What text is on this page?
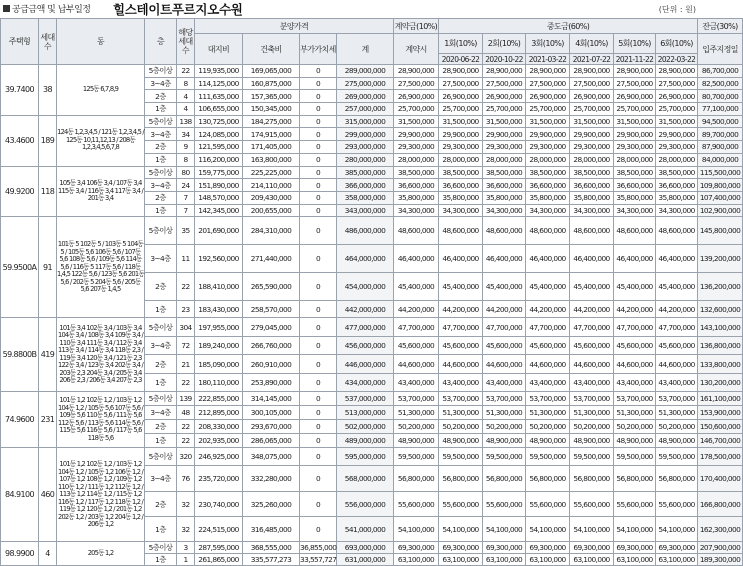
공급금액 및 납부일정 힐스테이트푸르지오수원	(단위 : 원)
주택형	세대수	동	층	해당세대수	분양가격				계약금(10%)	중도금(60%)						잔금(30%)
					대지비	건축비	부가가치세	계	계약시	1회(10%)	2회(10%)	3회(10%)	4회(10%)	5회(10%)	6회(10%)	입주지정일
										2020-06-22	2020-10-22	2021-03-22	2021-07-22	2021-11-22	2022-03-22	
39.7400	38	125동 6,7,8,9	5층이상	22	119,935,000	169,065,000	0	289,000,000	28,900,000	28,900,000	28,900,000	28,900,000	28,900,000	28,900,000	28,900,000	86,700,000
			3~4층	8	114,125,000	160,875,000	0	275,000,000	27,500,000	27,500,000	27,500,000	27,500,000	27,500,000	27,500,000	27,500,000	82,500,000
			2층	4	111,635,000	157,365,000	0	269,000,000	26,900,000	26,900,000	26,900,000	26,900,000	26,900,000	26,900,000	26,900,000	80,700,000
			1층	4	106,655,000	150,345,000	0	257,000,000	25,700,000	25,700,000	25,700,000	25,700,000	25,700,000	25,700,000	25,700,000	77,100,000
43.4600	189	124동 1,2,3,4,5 / 121동 1,2,3,4,5 / 125동 10,11,12,13 / 208동 1,2,3,4,5,6,7,8	5층이상	138	130,725,000	184,275,000	0	315,000,000	31,500,000	31,500,000	31,500,000	31,500,000	31,500,000	31,500,000	31,500,000	94,500,000
			3~4층	34	124,085,000	174,915,000	0	299,000,000	29,900,000	29,900,000	29,900,000	29,900,000	29,900,000	29,900,000	29,900,000	89,700,000
			2층	9	121,595,000	171,405,000	0	293,000,000	29,300,000	29,300,000	29,300,000	29,300,000	29,300,000	29,300,000	29,300,000	87,900,000
			1층	8	116,200,000	163,800,000	0	280,000,000	28,000,000	28,000,000	28,000,000	28,000,000	28,000,000	28,000,000	28,000,000	84,000,000
49.9200	118	105동 3,4 106동 3,4 / 107동 3,4 115동 3,4 / 116동 3,4 117동 3,4 / 201동 3,4	5층이상	80	159,775,000	225,225,000	0	385,000,000	38,500,000	38,500,000	38,500,000	38,500,000	38,500,000	38,500,000	38,500,000	115,500,000
			3~4층	24	151,890,000	214,110,000	0	366,000,000	36,600,000	36,600,000	36,600,000	36,600,000	36,600,000	36,600,000	36,600,000	109,800,000
			2층	7	148,570,000	209,430,000	0	358,000,000	35,800,000	35,800,000	35,800,000	35,800,000	35,800,000	35,800,000	35,800,000	107,400,000
			1층	7	142,345,000	200,655,000	0	343,000,000	34,300,000	34,300,000	34,300,000	34,300,000	34,300,000	34,300,000	34,300,000	102,900,000
59.9500A	91	101동 5 102동 5 / 103동 5 104동 5 / 105동 5,6 106동 5,6 / 107동 5,6 108동 5,6 / 109동 5,6 114동 5,6 / 116동 5 117동 5,6 / 118동 1,4,5 122동 5,6 / 123동 5,6 201동 5,6 / 202동 5 204동 5,6 / 205동 5,6 207동 1,4,5	5층이상	35	201,690,000	284,310,000	0	486,000,000	48,600,000	48,600,000	48,600,000	48,600,000	48,600,000	48,600,000	48,600,000	145,800,000
			3~4층	11	192,560,000	271,440,000	0	464,000,000	46,400,000	46,400,000	46,400,000	46,400,000	46,400,000	46,400,000	46,400,000	139,200,000
			2층	22	188,410,000	265,590,000	0	454,000,000	45,400,000	45,400,000	45,400,000	45,400,000	45,400,000	45,400,000	45,400,000	136,200,000
			1층	23	183,430,000	258,570,000	0	442,000,000	44,200,000	44,200,000	44,200,000	44,200,000	44,200,000	44,200,000	44,200,000	132,600,000
59.8800B	419	101동 3,4 102동 3,4 / 103동 3,4 104동 3,4 / 108동 3,4 109동 3,4 / 110동 3,4 111동 3,4 / 112동 3,4 113동 3,4 / 114동 3,4 118동 2,3 / 119동 3,4 120동 3,4 / 121동 2,3 122동 3,4 / 123동 3,4 202동 3,4 / 203동 2,3 204동 3,4 / 205동 3,4 206동 2,3 / 206동 3,4 207동 2,3	5층이상	304	197,955,000	279,045,000	0	477,000,000	47,700,000	47,700,000	47,700,000	47,700,000	47,700,000	47,700,000	47,700,000	143,100,000
			3~4층	72	189,240,000	266,760,000	0	456,000,000	45,600,000	45,600,000	45,600,000	45,600,000	45,600,000	45,600,000	45,600,000	136,800,000
			2층	21	185,090,000	260,910,000	0	446,000,000	44,600,000	44,600,000	44,600,000	44,600,000	44,600,000	44,600,000	44,600,000	133,800,000
			1층	22	180,110,000	253,890,000	0	434,000,000	43,400,000	43,400,000	43,400,000	43,400,000	43,400,000	43,400,000	43,400,000	130,200,000
74.9600	231	101동 1,2 102동 1,2 / 103동 1,2 104동 1,2 / 105동 5,6 107동 5,6 / 109동 5,6 110동 5,6 / 111동 5,6 112동 5,6 / 113동 5,6 114동 5,6 / 115동 5,6 116동 5,6 / 117동 5,6 118동 5,6	5층이상	139	222,855,000	314,145,000	0	537,000,000	53,700,000	53,700,000	53,700,000	53,700,000	53,700,000	53,700,000	53,700,000	161,100,000
			3~4층	48	212,895,000	300,105,000	0	513,000,000	51,300,000	51,300,000	51,300,000	51,300,000	51,300,000	51,300,000	51,300,000	153,900,000
			2층	22	208,330,000	293,670,000	0	502,000,000	50,200,000	50,200,000	50,200,000	50,200,000	50,200,000	50,200,000	50,200,000	150,600,000
			1층	22	202,935,000	286,065,000	0	489,000,000	48,900,000	48,900,000	48,900,000	48,900,000	48,900,000	48,900,000	48,900,000	146,700,000
84.9100	460	101동 1,2 102동 1,2 / 103동 1,2 104동 1,2 / 105동 1,2 106동 1,2 / 107동 1,2 108동 1,2 / 109동 1,2 110동 1,2 / 111동 1,2 112동 1,2 / 113동 1,2 114동 1,2 / 115동 1,2 116동 1,2 / 117동 1,2 118동 1,2 / 119동 1,2 120동 1,2 / 201동 1,2 202동 1,2 / 203동 1,2 204동 1,2 / 206동 1,2	5층이상	320	246,925,000	348,075,000	0	595,000,000	59,500,000	59,500,000	59,500,000	59,500,000	59,500,000	59,500,000	59,500,000	178,500,000
			3~4층	76	235,720,000	332,280,000	0	568,000,000	56,800,000	56,800,000	56,800,000	56,800,000	56,800,000	56,800,000	56,800,000	170,400,000
			2층	32	230,740,000	325,260,000	0	556,000,000	55,600,000	55,600,000	55,600,000	55,600,000	55,600,000	55,600,000	55,600,000	166,800,000
			1층	32	224,515,000	316,485,000	0	541,000,000	54,100,000	54,100,000	54,100,000	54,100,000	54,100,000	54,100,000	54,100,000	162,300,000
98.9900	4	205동 1,2	5층이상	3	287,595,000	368,555,000	36,855,000	693,000,000	69,300,000	69,300,000	69,300,000	69,300,000	69,300,000	69,300,000	69,300,000	207,900,000
			1층	1	261,865,000	335,577,273	33,557,727	631,000,000	63,100,000	63,100,000	63,100,000	63,100,000	63,100,000	63,100,000	63,100,000	189,300,000
